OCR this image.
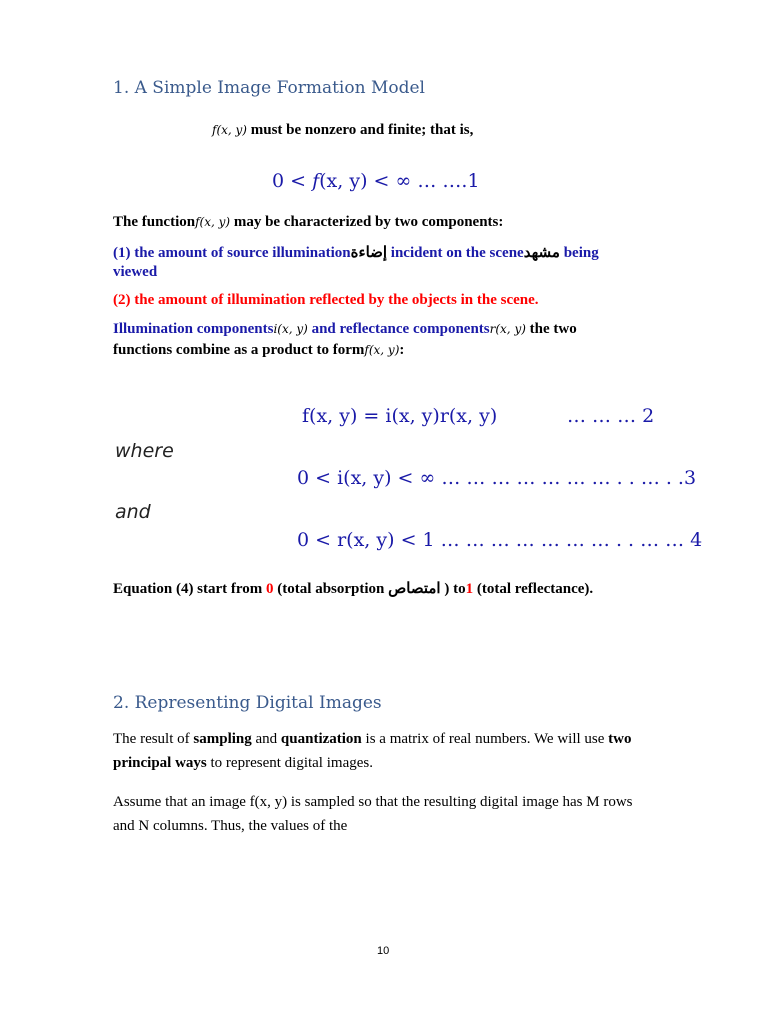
1. A Simple Image Formation Model
f(x, y) must be nonzero and finite; that is,
0 < f(x, y) < ∞ … ….1
The functionf(x, y) may be characterized by two components:
(1) the amount of source illuminationإضاءة incident on the sceneمشهد being
viewed
(2) the amount of illumination reflected by the objects in the scene.
Illumination componentsi(x, y) and reflectance componentsr(x, y) the two
functions combine as a product to formf(x, y):
f(x, y) = i(x, y)r(x, y)	… … … 2
where
0 < i(x, y) < ∞ … … … … … … … . . … . .3
and
0 < r(x, y) < 1 … … … … … … … . . … … 4
Equation (4) start from 0 (total absorption امتصاص ) to1 (total reflectance).
2. Representing Digital Images
The result of sampling and quantization is a matrix of real numbers. We will use two principal ways to represent digital images.
Assume that an image f(x, y) is sampled so that the resulting digital image has M rows and N columns. Thus, the values of the
10
